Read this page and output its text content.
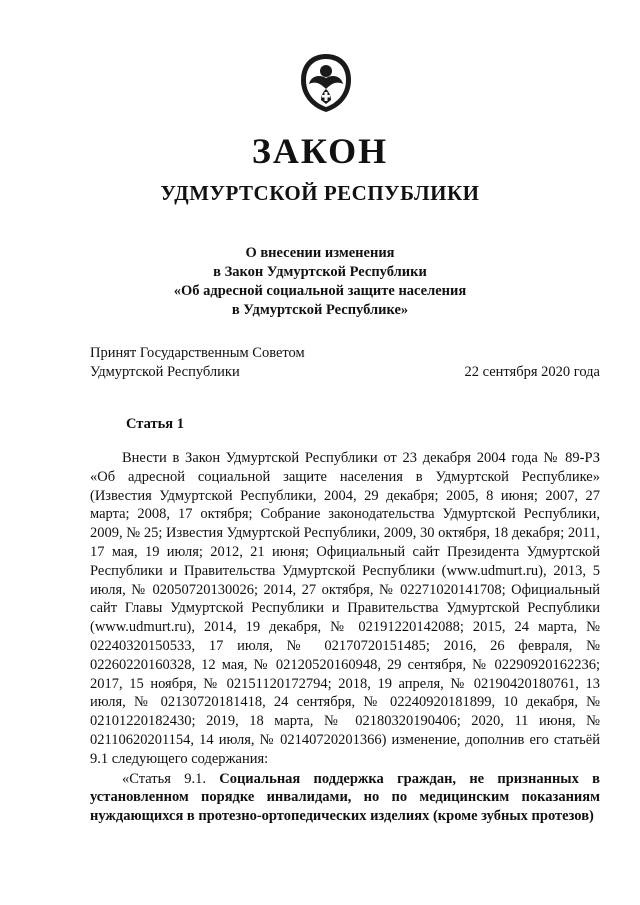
ЗАКОН
УДМУРТСКОЙ РЕСПУБЛИКИ
О внесении изменения
в Закон Удмуртской Республики
«Об адресной социальной защите населения
в Удмуртской Республике»
Принят Государственным Советом
Удмуртской Республики	22 сентября 2020 года
Статья 1

Внести в Закон Удмуртской Республики от 23 декабря 2004 года № 89-РЗ «Об адресной социальной защите населения в Удмуртской Республике» (Известия Удмуртской Республики, 2004, 29 декабря; 2005, 8 июня; 2007, 27 марта; 2008, 17 октября; Собрание законодательства Удмуртской Республики, 2009, № 25; Известия Удмуртской Республики, 2009, 30 октября, 18 декабря; 2011, 17 мая, 19 июля; 2012, 21 июня; Официальный сайт Президента Удмуртской Республики и Правительства Удмуртской Республики (www.udmurt.ru), 2013, 5 июля, № 02050720130026; 2014, 27 октября, № 02271020141708; Официальный сайт Главы Удмуртской Республики и Правительства Удмуртской Республики (www.udmurt.ru), 2014, 19 декабря, № 02191220142088; 2015, 24 марта, № 02240320150533, 17 июля, № 02170720151485; 2016, 26 февраля, № 02260220160328, 12 мая, № 02120520160948, 29 сентября, № 02290920162236; 2017, 15 ноября, № 02151120172794; 2018, 19 апреля, № 02190420180761, 13 июля, № 02130720181418, 24 сентября, № 02240920181899, 10 декабря, № 02101220182430; 2019, 18 марта, № 02180320190406; 2020, 11 июня, № 02110620201154, 14 июля, № 02140720201366) изменение, дополнив его статьёй 9.1 следующего содержания:

«Статья 9.1. Социальная поддержка граждан, не признанных в установленном порядке инвалидами, но по медицинским показаниям нуждающихся в протезно-ортопедических изделиях (кроме зубных протезов)
